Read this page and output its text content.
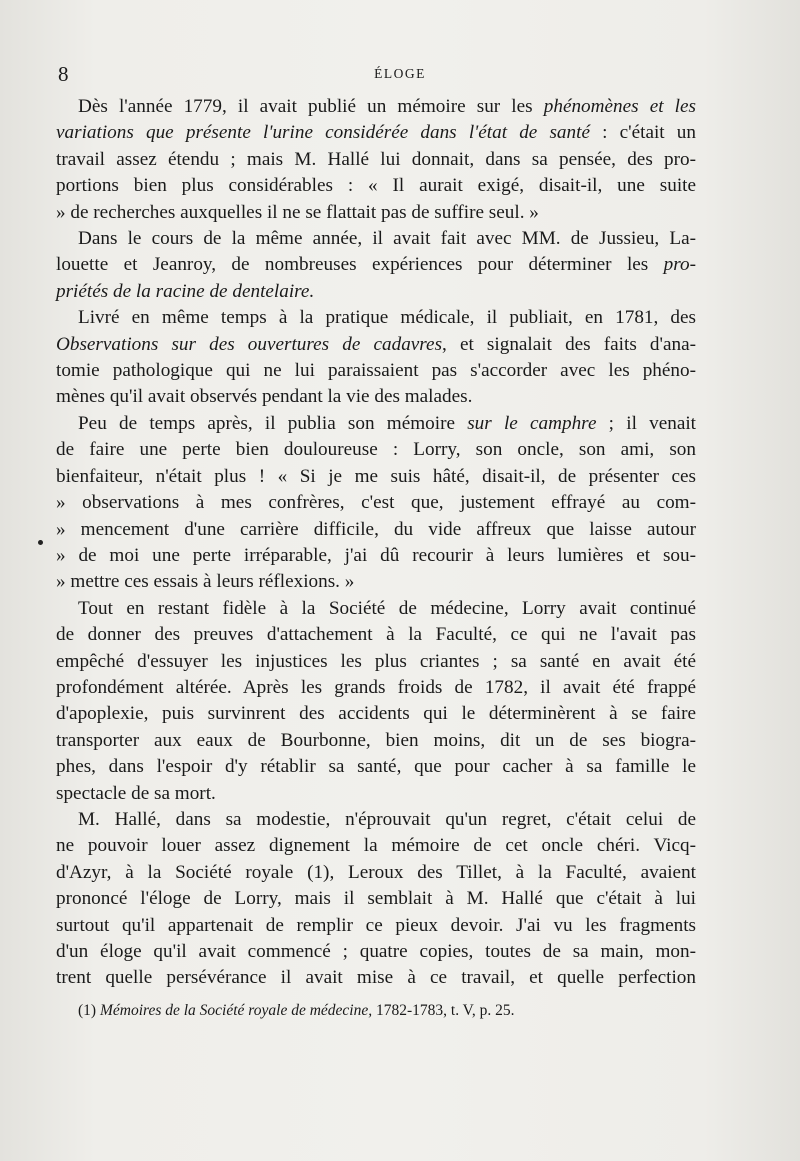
8	ÉLOGE
Dès l'année 1779, il avait publié un mémoire sur les phénomènes et les
variations que présente l'urine considérée dans l'état de santé : c'était un
travail assez étendu ; mais M. Hallé lui donnait, dans sa pensée, des pro-
portions bien plus considérables : « Il aurait exigé, disait-il, une suite
» de recherches auxquelles il ne se flattait pas de suffire seul. »
Dans le cours de la même année, il avait fait avec MM. de Jussieu, La-
louette et Jeanroy, de nombreuses expériences pour déterminer les pro-
priétés de la racine de dentelaire.
Livré en même temps à la pratique médicale, il publiait, en 1781, des
Observations sur des ouvertures de cadavres, et signalait des faits d'ana-
tomie pathologique qui ne lui paraissaient pas s'accorder avec les phéno-
mènes qu'il avait observés pendant la vie des malades.
Peu de temps après, il publia son mémoire sur le camphre ; il venait
de faire une perte bien douloureuse : Lorry, son oncle, son ami, son
bienfaiteur, n'était plus ! « Si je me suis hâté, disait-il, de présenter ces
» observations à mes confrères, c'est que, justement effrayé au com-
» mencement d'une carrière difficile, du vide affreux que laisse autour
» de moi une perte irréparable, j'ai dû recourir à leurs lumières et sou-
» mettre ces essais à leurs réflexions. »
Tout en restant fidèle à la Société de médecine, Lorry avait continué
de donner des preuves d'attachement à la Faculté, ce qui ne l'avait pas
empêché d'essuyer les injustices les plus criantes ; sa santé en avait été
profondément altérée. Après les grands froids de 1782, il avait été frappé
d'apoplexie, puis survinrent des accidents qui le déterminèrent à se faire
transporter aux eaux de Bourbonne, bien moins, dit un de ses biogra-
phes, dans l'espoir d'y rétablir sa santé, que pour cacher à sa famille le
spectacle de sa mort.
M. Hallé, dans sa modestie, n'éprouvait qu'un regret, c'était celui de
ne pouvoir louer assez dignement la mémoire de cet oncle chéri. Vicq-
d'Azyr, à la Société royale (1), Leroux des Tillet, à la Faculté, avaient
prononcé l'éloge de Lorry, mais il semblait à M. Hallé que c'était à lui
surtout qu'il appartenait de remplir ce pieux devoir. J'ai vu les fragments
d'un éloge qu'il avait commencé ; quatre copies, toutes de sa main, mon-
trent quelle persévérance il avait mise à ce travail, et quelle perfection
(1) Mémoires de la Société royale de médecine, 1782-1783, t. V, p. 25.
